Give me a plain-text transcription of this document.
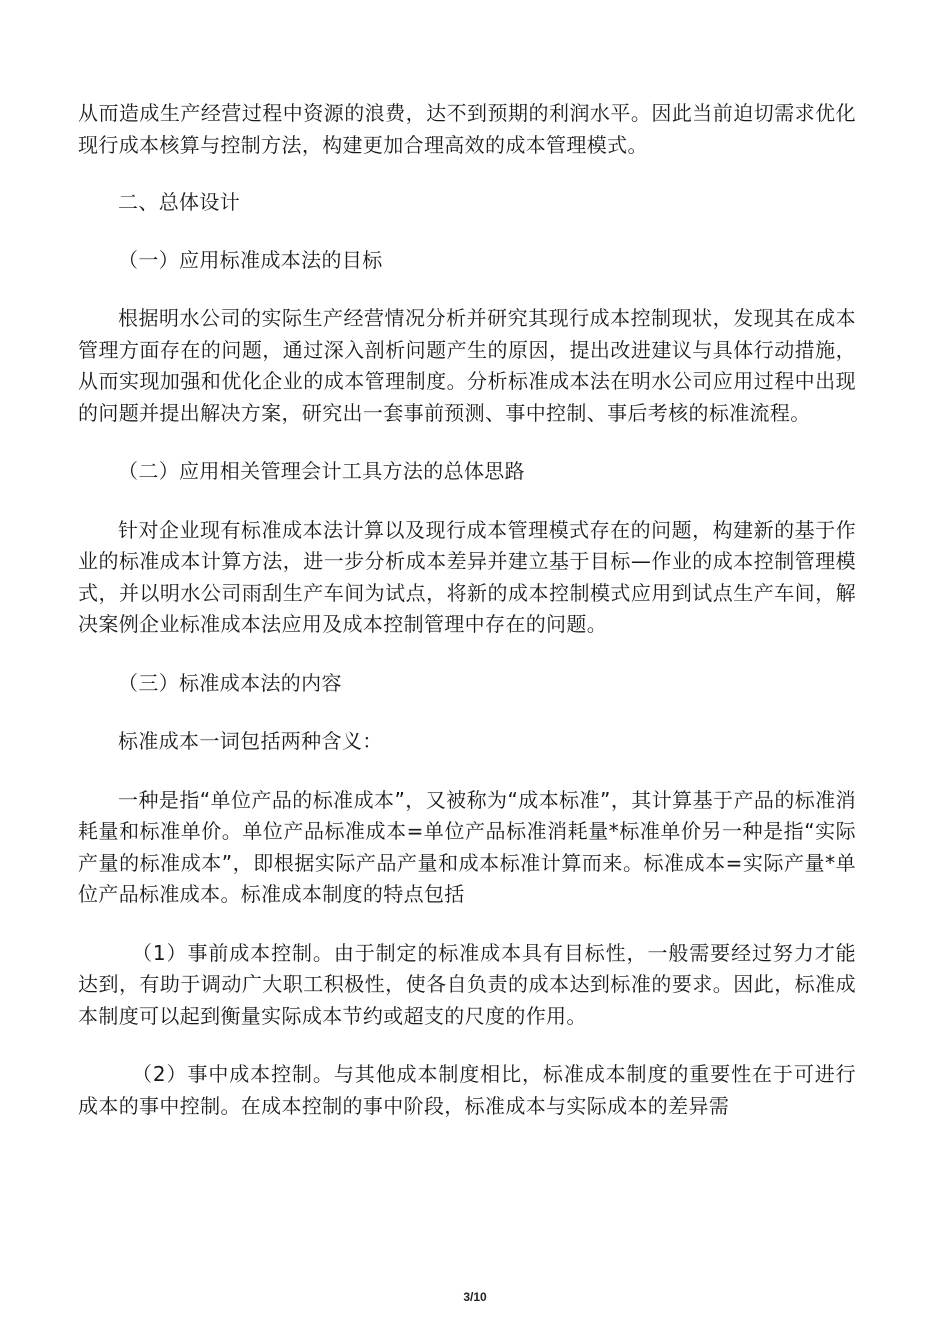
从而造成生产经营过程中资源的浪费，达不到预期的利润水平。因此当前迫切需求优化现行成本核算与控制方法，构建更加合理高效的成本管理模式。

二、总体设计

（一）应用标准成本法的目标

根据明水公司的实际生产经营情况分析并研究其现行成本控制现状，发现其在成本管理方面存在的问题，通过深入剖析问题产生的原因，提出改进建议与具体行动措施，从而实现加强和优化企业的成本管理制度。分析标准成本法在明水公司应用过程中出现的问题并提出解决方案，研究出一套事前预测、事中控制、事后考核的标准流程。

（二）应用相关管理会计工具方法的总体思路

针对企业现有标准成本法计算以及现行成本管理模式存在的问题，构建新的基于作业的标准成本计算方法，进一步分析成本差异并建立基于目标—作业的成本控制管理模式，并以明水公司雨刮生产车间为试点，将新的成本控制模式应用到试点生产车间，解决案例企业标准成本法应用及成本控制管理中存在的问题。

（三）标准成本法的内容

标准成本一词包括两种含义：

一种是指“单位产品的标准成本”，又被称为“成本标准”，其计算基于产品的标准消耗量和标准单价。单位产品标准成本=单位产品标准消耗量*标准单价另一种是指“实际产量的标准成本”，即根据实际产品产量和成本标准计算而来。标准成本=实际产量*单位产品标准成本。标准成本制度的特点包括

（1）事前成本控制。由于制定的标准成本具有目标性，一般需要经过努力才能达到，有助于调动广大职工积极性，使各自负责的成本达到标准的要求。因此，标准成本制度可以起到衡量实际成本节约或超支的尺度的作用。

（2）事中成本控制。与其他成本制度相比，标准成本制度的重要性在于可进行成本的事中控制。在成本控制的事中阶段，标准成本与实际成本的差异需

3/10
